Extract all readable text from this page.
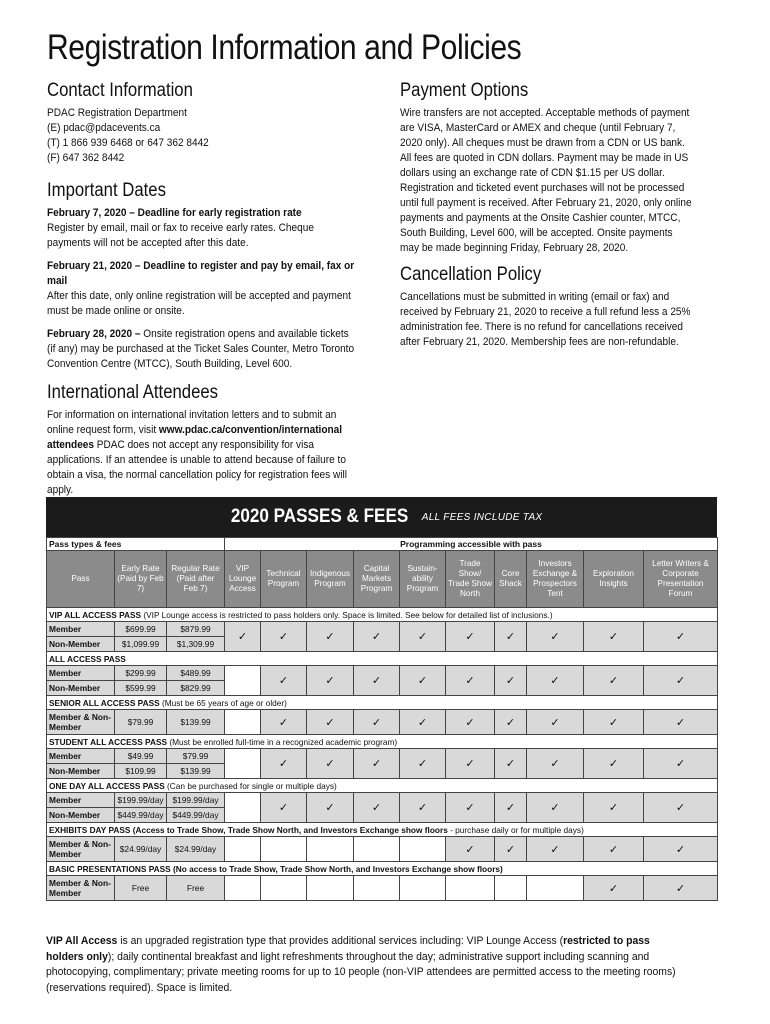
Registration Information and Policies
Contact Information
PDAC Registration Department
(E) pdac@pdacevents.ca
(T) 1 866 939 6468 or 647 362 8442
(F) 647 362 8442
Important Dates
February 7, 2020 – Deadline for early registration rate
Register by email, mail or fax to receive early rates. Cheque payments will not be accepted after this date.
February 21, 2020 – Deadline to register and pay by email, fax or mail
After this date, only online registration will be accepted and payment must be made online or onsite.
February 28, 2020 – Onsite registration opens and available tickets (if any) may be purchased at the Ticket Sales Counter, Metro Toronto Convention Centre (MTCC), South Building, Level 600.
International Attendees
For information on international invitation letters and to submit an online request form, visit www.pdac.ca/convention/international attendees PDAC does not accept any responsibility for visa applications. If an attendee is unable to attend because of failure to obtain a visa, the normal cancellation policy for registration fees will apply.
Payment Options
Wire transfers are not accepted. Acceptable methods of payment are VISA, MasterCard or AMEX and cheque (until February 7, 2020 only). All cheques must be drawn from a CDN or US bank. All fees are quoted in CDN dollars. Payment may be made in US dollars using an exchange rate of CDN $1.15 per US dollar. Registration and ticketed event purchases will not be processed until full payment is received. After February 21, 2020, only online payments and payments at the Onsite Cashier counter, MTCC, South Building, Level 600, will be accepted. Onsite payments may be made beginning Friday, February 28, 2020.
Cancellation Policy
Cancellations must be submitted in writing (email or fax) and received by February 21, 2020 to receive a full refund less a 25% administration fee. There is no refund for cancellations received after February 21, 2020. Membership fees are non-refundable.
2020 PASSES & FEES ALL FEES INCLUDE TAX
Pass types & fees			Programming accessible with pass									
Pass	Early Rate (Paid by Feb 7)	Regular Rate (Paid after Feb 7)	VIP Lounge Access	Technical Program	Indigenous Program	Capital Markets Program	Sustain-ability Program	Trade Show/ Trade Show North	Core Shack	Investors Exchange & Prospectors Tent	Exploration Insights	Letter Writers & Corporate Presentation Forum
VIP ALL ACCESS PASS (VIP Lounge access is restricted to pass holders only. Space is limited. See below for detailed list of inclusions.)												
Member	$699.99	$879.99	✓	✓	✓	✓	✓	✓	✓	✓	✓	✓
Non-Member	$1,099.99	$1,309.99										
ALL ACCESS PASS												
Member	$299.99	$489.99		✓	✓	✓	✓	✓	✓	✓	✓	✓
Non-Member	$599.99	$829.99										
SENIOR ALL ACCESS PASS (Must be 65 years of age or older)												
Member & Non-Member	$79.99	$139.99		✓	✓	✓	✓	✓	✓	✓	✓	✓
STUDENT ALL ACCESS PASS (Must be enrolled full-time in a recognized academic program)												
Member	$49.99	$79.99		✓	✓	✓	✓	✓	✓	✓	✓	✓
Non-Member	$109.99	$139.99										
ONE DAY ALL ACCESS PASS (Can be purchased for single or multiple days)												
Member	$199.99/day	$199.99/day		✓	✓	✓	✓	✓	✓	✓	✓	✓
Non-Member	$449.99/day	$449.99/day										
EXHIBITS DAY PASS (Access to Trade Show, Trade Show North, and Investors Exchange show floors - purchase daily or for multiple days)												
Member & Non-Member	$24.99/day	$24.99/day						✓	✓	✓	✓	✓
BASIC PRESENTATIONS PASS (No access to Trade Show, Trade Show North, and Investors Exchange show floors)												
Member & Non-Member	Free	Free									✓	✓
VIP All Access is an upgraded registration type that provides additional services including: VIP Lounge Access (restricted to pass holders only); daily continental breakfast and light refreshments throughout the day; administrative support including scanning and photocopying, complimentary; private meeting rooms for up to 10 people (non-VIP attendees are permitted access to the meeting rooms) (reservations required). Space is limited.
